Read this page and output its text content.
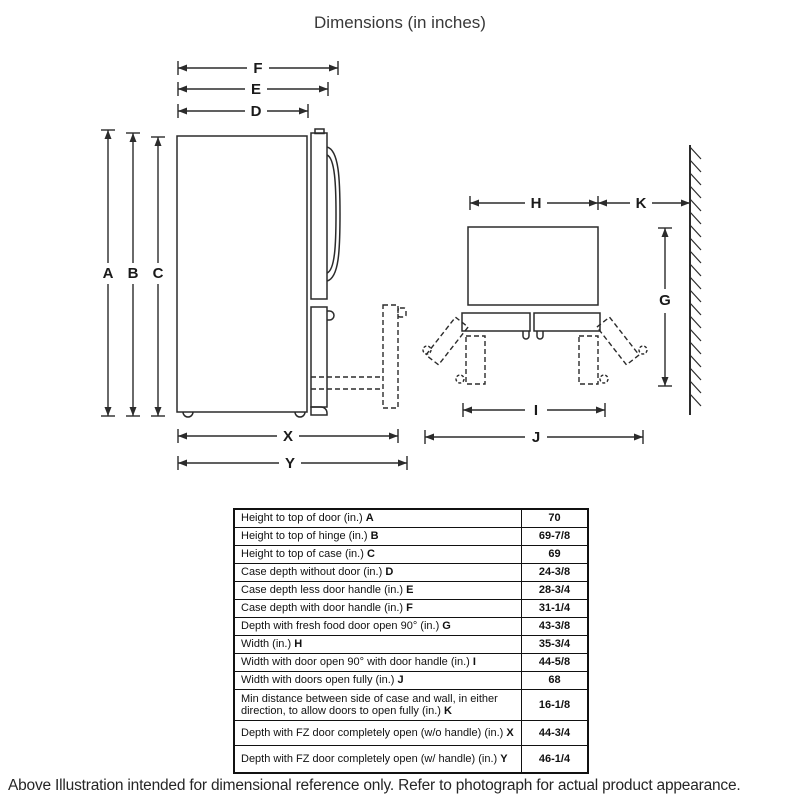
Dimensions (in inches)
F
E
D
A B C
X
Y
H	K
G
I
J
Height to top of door (in.) A	70
Height to top of hinge (in.) B	69-7/8
Height to top of case (in.) C	69
Case depth without door (in.) D	24-3/8
Case depth less door handle (in.) E	28-3/4
Case depth with door handle (in.) F	31-1/4
Depth with fresh food door open 90° (in.) G	43-3/8
Width (in.) H	35-3/4
Width with door open 90° with door handle (in.) I	44-5/8
Width with doors open fully (in.) J	68
Min distance between side of case and wall, in either direction, to allow doors to open fully (in.) K	16-1/8
Depth with FZ door completely open (w/o handle) (in.) X	44-3/4
Depth with FZ door completely open (w/ handle) (in.) Y	46-1/4
Above Illustration intended for dimensional reference only. Refer to photograph for actual product appearance.
